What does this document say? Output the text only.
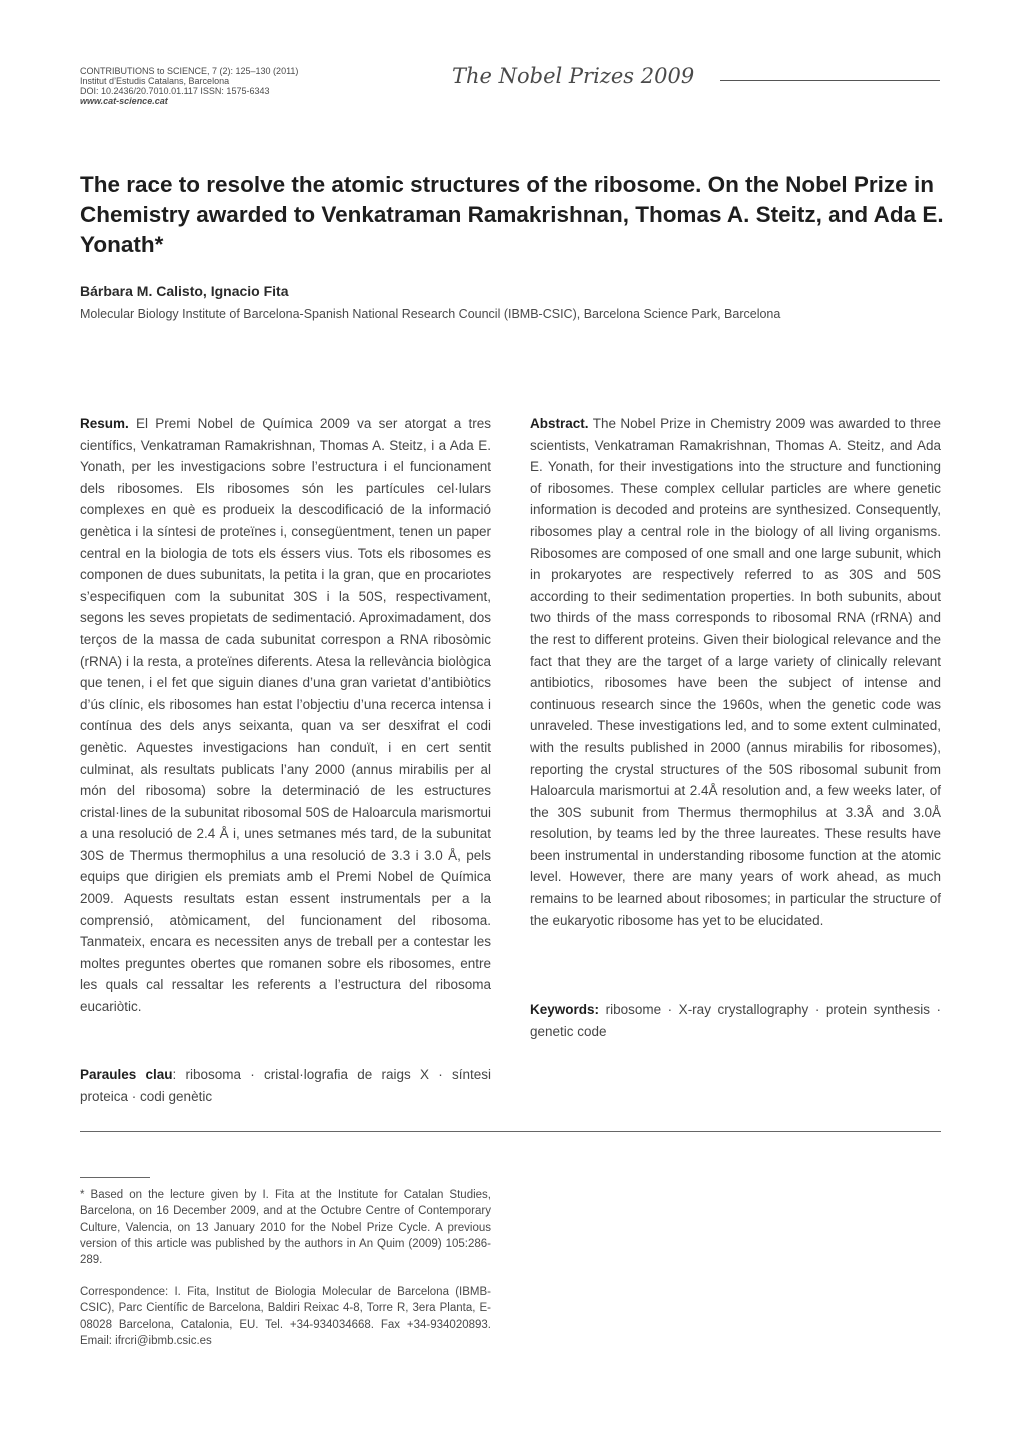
CONTRIBUTIONS to SCIENCE, 7 (2): 125–130 (2011)
Institut d’Estudis Catalans, Barcelona
DOI: 10.2436/20.7010.01.117 ISSN: 1575-6343
www.cat-science.cat
The Nobel Prizes 2009
The race to resolve the atomic structures of the ribosome. On the Nobel Prize in Chemistry awarded to Venkatraman Ramakrishnan, Thomas A. Steitz, and Ada E. Yonath*
Bárbara M. Calisto, Ignacio Fita
Molecular Biology Institute of Barcelona-Spanish National Research Council (IBMB-CSIC), Barcelona Science Park, Barcelona
Resum. El Premi Nobel de Química 2009 va ser atorgat a tres científics, Venkatraman Ramakrishnan, Thomas A. Steitz, i a Ada E. Yonath, per les investigacions sobre l’estructura i el funcionament dels ribosomes. Els ribosomes són les partícules cel·lulars complexes en què es produeix la descodificació de la informació genètica i la síntesi de proteïnes i, consegüentment, tenen un paper central en la biologia de tots els éssers vius. Tots els ribosomes es componen de dues subunitats, la petita i la gran, que en procariotes s’especifiquen com la subunitat 30S i la 50S, respectivament, segons les seves propietats de sedimentació. Aproximadament, dos terços de la massa de cada subunitat correspon a RNA ribosòmic (rRNA) i la resta, a proteïnes diferents. Atesa la rellevància biològica que tenen, i el fet que siguin dianes d’una gran varietat d’antibiòtics d’ús clínic, els ribosomes han estat l’objectiu d’una recerca intensa i contínua des dels anys seixanta, quan va ser desxifrat el codi genètic. Aquestes investigacions han conduït, i en cert sentit culminat, als resultats publicats l’any 2000 (annus mirabilis per al món del ribosoma) sobre la determinació de les estructures cristal·lines de la subunitat ribosomal 50S de Haloarcula marismortui a una resolució de 2.4 Å i, unes setmanes més tard, de la subunitat 30S de Thermus thermophilus a una resolució de 3.3 i 3.0 Å, pels equips que dirigien els premiats amb el Premi Nobel de Química 2009. Aquests resultats estan essent instrumentals per a la comprensió, atòmicament, del funcionament del ribosoma. Tanmateix, encara es necessiten anys de treball per a contestar les moltes preguntes obertes que romanen sobre els ribosomes, entre les quals cal ressaltar les referents a l’estructura del ribosoma eucariòtic.
Paraules clau: ribosoma · cristal·lografia de raigs X · síntesi proteica · codi genètic
Abstract. The Nobel Prize in Chemistry 2009 was awarded to three scientists, Venkatraman Ramakrishnan, Thomas A. Steitz, and Ada E. Yonath, for their investigations into the structure and functioning of ribosomes. These complex cellular particles are where genetic information is decoded and proteins are synthesized. Consequently, ribosomes play a central role in the biology of all living organisms. Ribosomes are composed of one small and one large subunit, which in prokaryotes are respectively referred to as 30S and 50S according to their sedimentation properties. In both subunits, about two thirds of the mass corresponds to ribosomal RNA (rRNA) and the rest to different proteins. Given their biological relevance and the fact that they are the target of a large variety of clinically relevant antibiotics, ribosomes have been the subject of intense and continuous research since the 1960s, when the genetic code was unraveled. These investigations led, and to some extent culminated, with the results published in 2000 (annus mirabilis for ribosomes), reporting the crystal structures of the 50S ribosomal subunit from Haloarcula marismortui at 2.4Å resolution and, a few weeks later, of the 30S subunit from Thermus thermophilus at 3.3Å and 3.0Å resolution, by teams led by the three laureates. These results have been instrumental in understanding ribosome function at the atomic level. However, there are many years of work ahead, as much remains to be learned about ribosomes; in particular the structure of the eukaryotic ribosome has yet to be elucidated.
Keywords: ribosome · X-ray crystallography · protein synthesis · genetic code
* Based on the lecture given by I. Fita at the Institute for Catalan Studies, Barcelona, on 16 December 2009, and at the Octubre Centre of Contemporary Culture, Valencia, on 13 January 2010 for the Nobel Prize Cycle. A previous version of this article was published by the authors in An Quim (2009) 105:286-289.
Correspondence: I. Fita, Institut de Biologia Molecular de Barcelona (IBMB-CSIC), Parc Científic de Barcelona, Baldiri Reixac 4-8, Torre R, 3era Planta, E-08028 Barcelona, Catalonia, EU. Tel. +34-934034668. Fax +34-934020893. Email: ifrcri@ibmb.csic.es
